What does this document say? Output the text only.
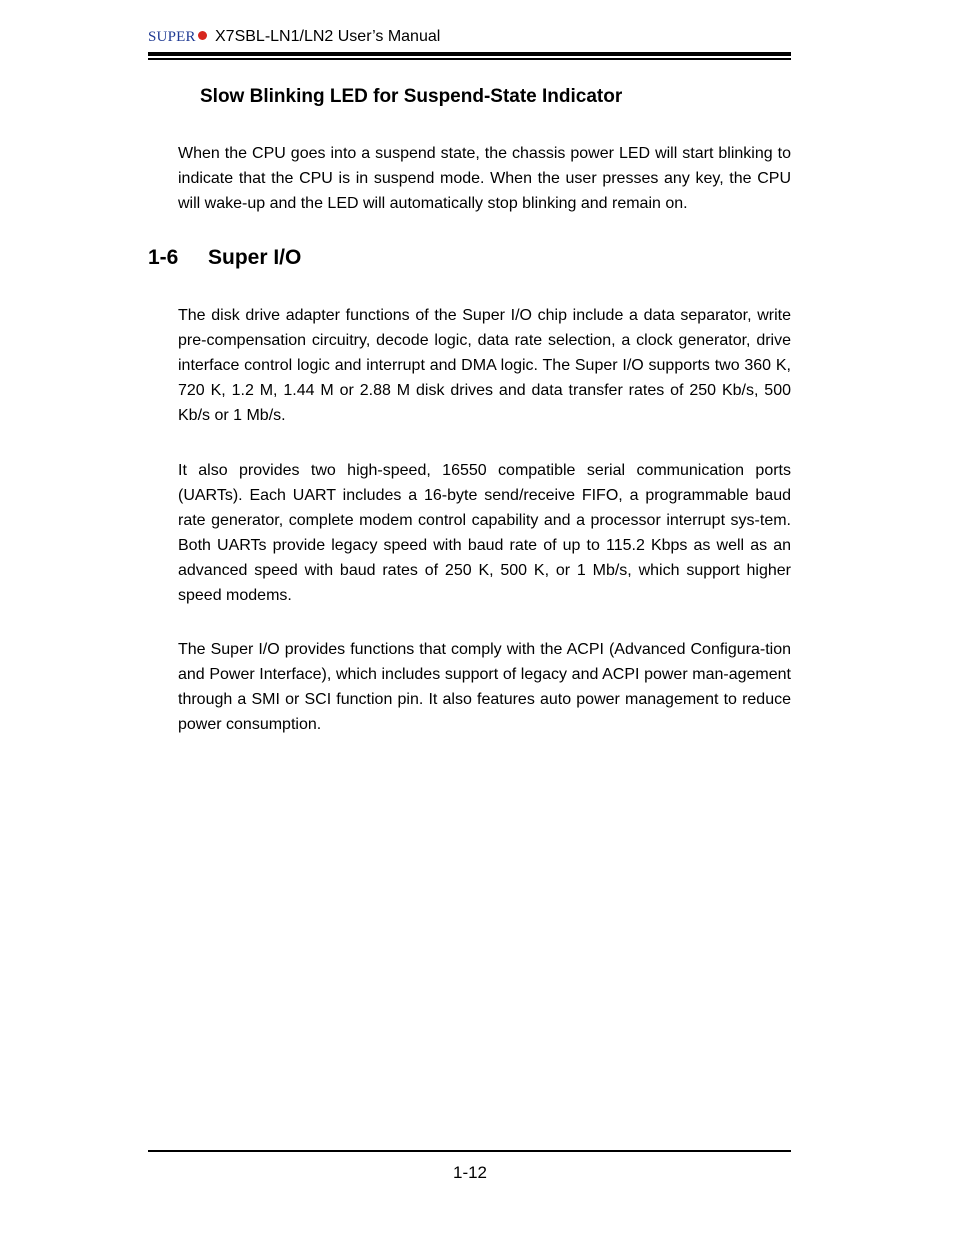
SUPER	X7SBL-LN1/LN2 User’s Manual
Slow Blinking LED for Suspend-State Indicator

When the CPU goes into a suspend state, the chassis power LED will start blinking to indicate that the CPU is in suspend mode. When the user presses any key, the CPU will wake-up and the LED will automatically stop blinking and remain on.

1-6 Super I/O

The disk drive adapter functions of the Super I/O chip include a data separator, write pre-compensation circuitry, decode logic, data rate selection, a clock generator, drive interface control logic and interrupt and DMA logic. The Super I/O supports two 360 K, 720 K, 1.2 M, 1.44 M or 2.88 M disk drives and data transfer rates of 250 Kb/s, 500 Kb/s or 1 Mb/s.

It also provides two high-speed, 16550 compatible serial communication ports (UARTs). Each UART includes a 16-byte send/receive FIFO, a programmable baud rate generator, complete modem control capability and a processor interrupt sys-tem. Both UARTs provide legacy speed with baud rate of up to 115.2 Kbps as well as an advanced speed with baud rates of 250 K, 500 K, or 1 Mb/s, which support higher speed modems.

The Super I/O provides functions that comply with the ACPI (Advanced Configura-tion and Power Interface), which includes support of legacy and ACPI power man-agement through a SMI or SCI function pin. It also features auto power management to reduce power consumption.

1-12
